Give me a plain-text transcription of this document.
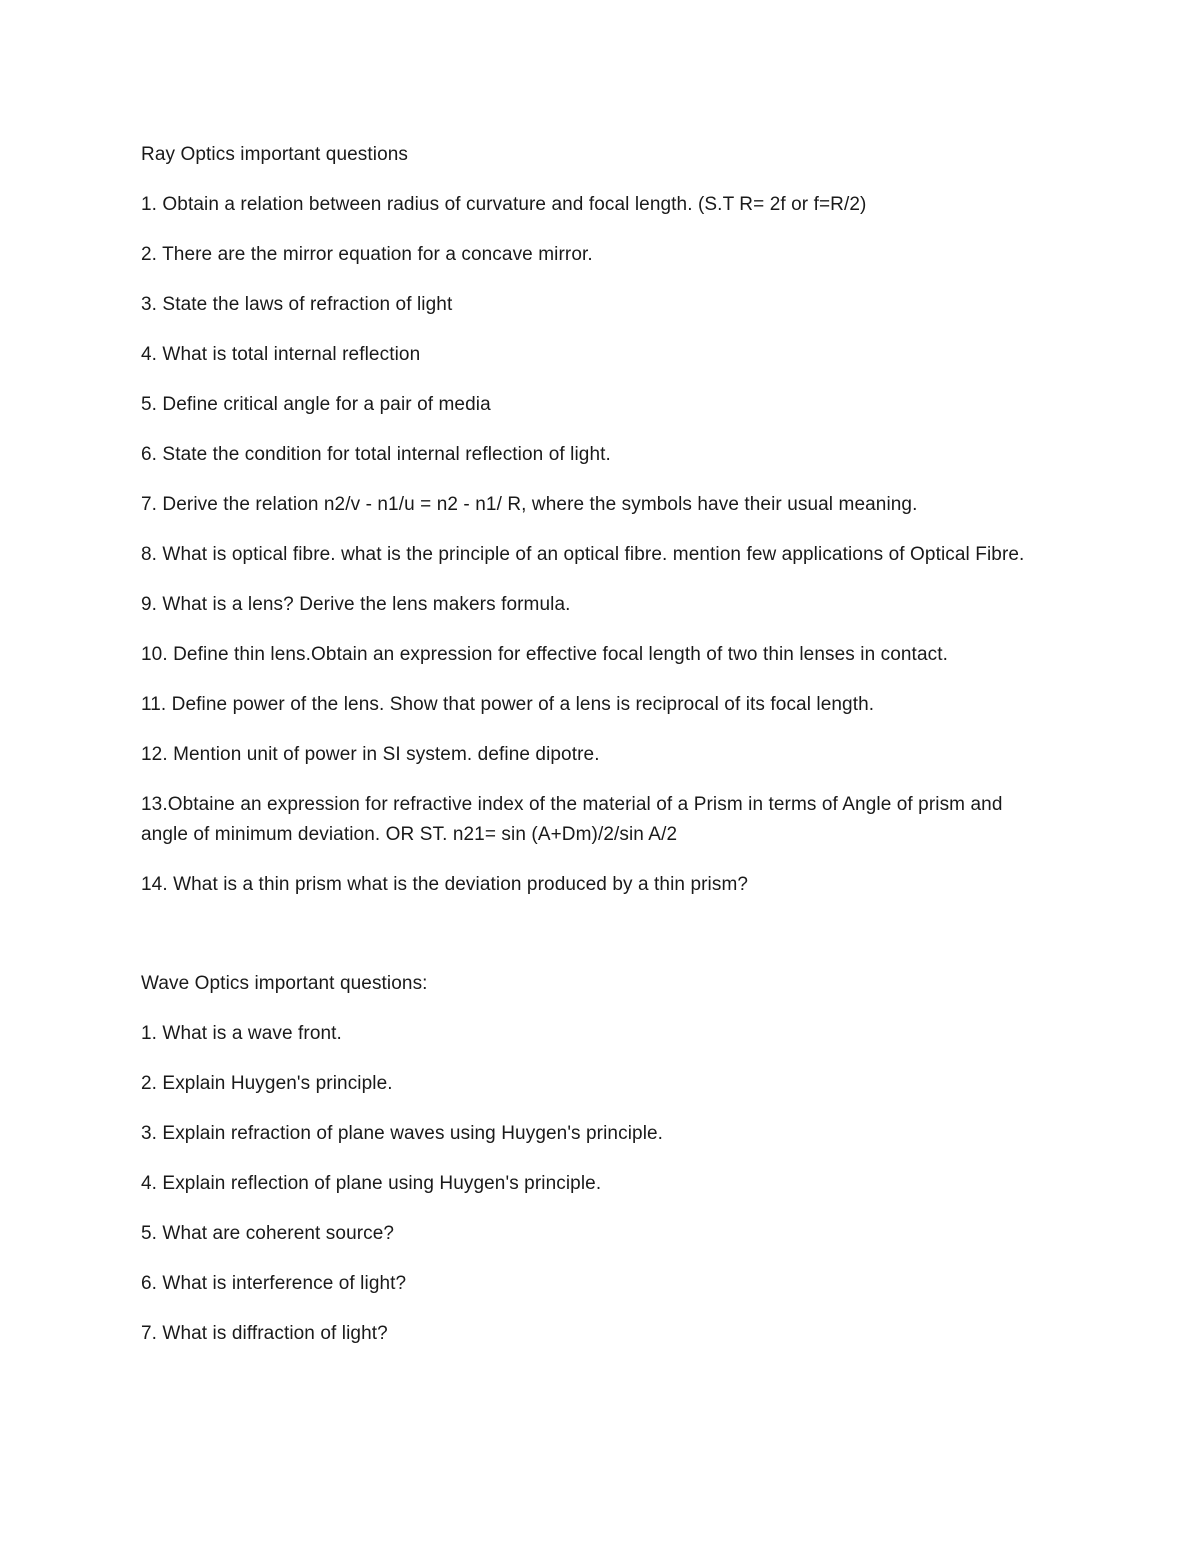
Ray Optics important questions

1. Obtain a relation between radius of curvature and focal length. (S.T R= 2f or f=R/2)

2. There are the mirror equation for a concave mirror.

3. State the laws of refraction of light

4. What is total internal reflection

5. Define critical angle for a pair of media

6. State the condition for total internal reflection of light.

7. Derive the relation n2/v - n1/u = n2 - n1/ R, where the symbols have their usual meaning.

8. What is optical fibre. what is the principle of an optical fibre. mention few applications of Optical Fibre.

9. What is a lens? Derive the lens makers formula.

10. Define thin lens.Obtain an expression for effective focal length of two thin lenses in contact.

11. Define power of the lens. Show that power of a lens is reciprocal of its focal length.

12. Mention unit of power in SI system. define dipotre.

13.Obtaine an expression for refractive index of the material of a Prism in terms of Angle of prism and angle of minimum deviation. OR ST. n21= sin (A+Dm)/2/sin A/2

14. What is a thin prism what is the deviation produced by a thin prism?

Wave Optics important questions:

1. What is a wave front.

2. Explain Huygen's principle.

3. Explain refraction of plane waves using Huygen's principle.

4. Explain reflection of plane using Huygen's principle.

5. What are coherent source?

6. What is interference of light?

7. What is diffraction of light?
